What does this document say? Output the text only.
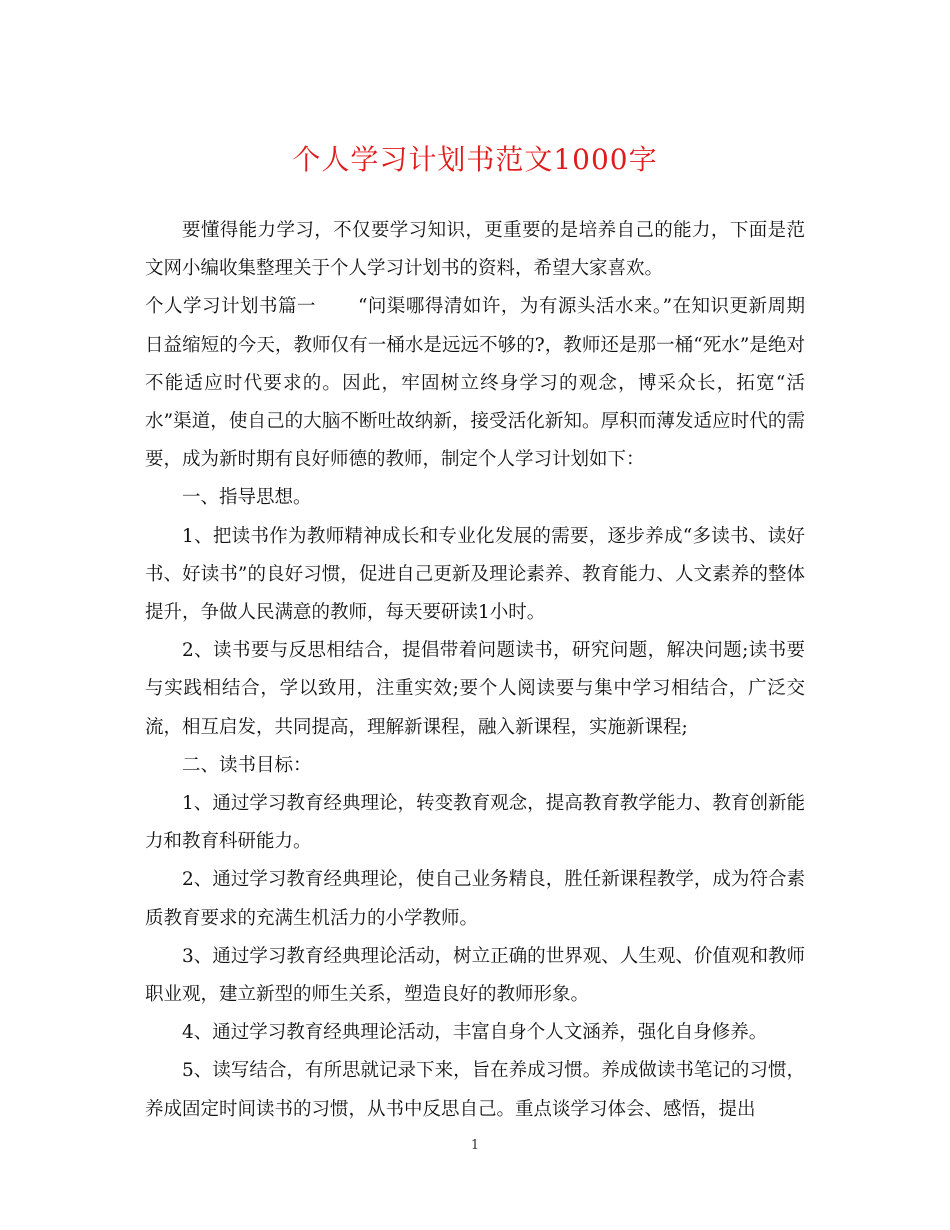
个人学习计划书范文1000字

要懂得能力学习，不仅要学习知识，更重要的是培养自己的能力，下面是范文网小编收集整理关于个人学习计划书的资料，希望大家喜欢。

个人学习计划书篇一 “问渠哪得清如许，为有源头活水来。”在知识更新周期日益缩短的今天，教师仅有一桶水是远远不够的?，教师还是那一桶“死水”是绝对不能适应时代要求的。因此，牢固树立终身学习的观念，博采众长，拓宽“活水”渠道，使自己的大脑不断吐故纳新，接受活化新知。厚积而薄发适应时代的需要，成为新时期有良好师德的教师，制定个人学习计划如下：

一、指导思想。

1、把读书作为教师精神成长和专业化发展的需要，逐步养成“多读书、读好书、好读书”的良好习惯，促进自己更新及理论素养、教育能力、人文素养的整体提升，争做人民满意的教师，每天要研读1小时。

2、读书要与反思相结合，提倡带着问题读书，研究问题，解决问题;读书要与实践相结合，学以致用，注重实效;要个人阅读要与集中学习相结合，广泛交流，相互启发，共同提高，理解新课程，融入新课程，实施新课程;

二、读书目标：

1、通过学习教育经典理论，转变教育观念，提高教育教学能力、教育创新能力和教育科研能力。

2、通过学习教育经典理论，使自己业务精良，胜任新课程教学，成为符合素质教育要求的充满生机活力的小学教师。

3、通过学习教育经典理论活动，树立正确的世界观、人生观、价值观和教师职业观，建立新型的师生关系，塑造良好的教师形象。

4、通过学习教育经典理论活动，丰富自身个人文涵养，强化自身修养。

5、读写结合，有所思就记录下来，旨在养成习惯。养成做读书笔记的习惯，养成固定时间读书的习惯，从书中反思自己。重点谈学习体会、感悟，提出

1
